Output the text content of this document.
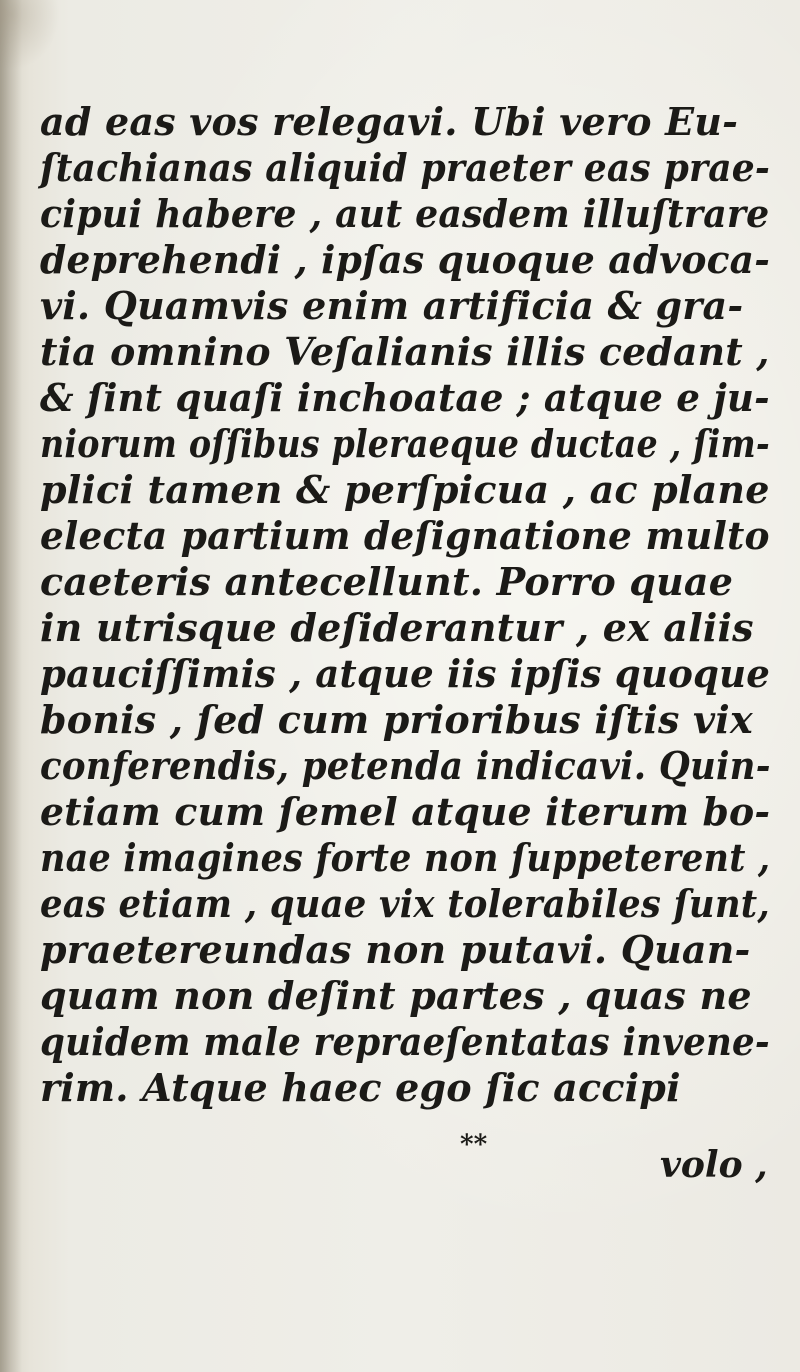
ad eas vos relegavi. Ubi vero Eu-
ſtachianas aliquid praeter eas prae-
cipui habere , aut easdem illuſtrare
deprehendi , ipſas quoque advoca-
vi. Quamvis enim artificia & gra-
tia omnino Veſalianis illis cedant ,
& ſint quaſi inchoatae ; atque e ju-
niorum oſſibus pleraeque ductae , ſim-
plici tamen & perſpicua , ac plane
electa partium deſignatione multo
caeteris antecellunt. Porro quae
in utrisque deſiderantur , ex aliis
pauciſſimis , atque iis ipſis quoque
bonis , ſed cum prioribus iſtis vix
conferendis, petenda indicavi. Quin-
etiam cum ſemel atque iterum bo-
nae imagines forte non ſuppeterent ,
eas etiam , quae vix tolerabiles ſunt,
praetereundas non putavi. Quan-
quam non deſint partes , quas ne
quidem male repraeſentatas invene-
rim. Atque haec ego ſic accipi
**	volo ,
